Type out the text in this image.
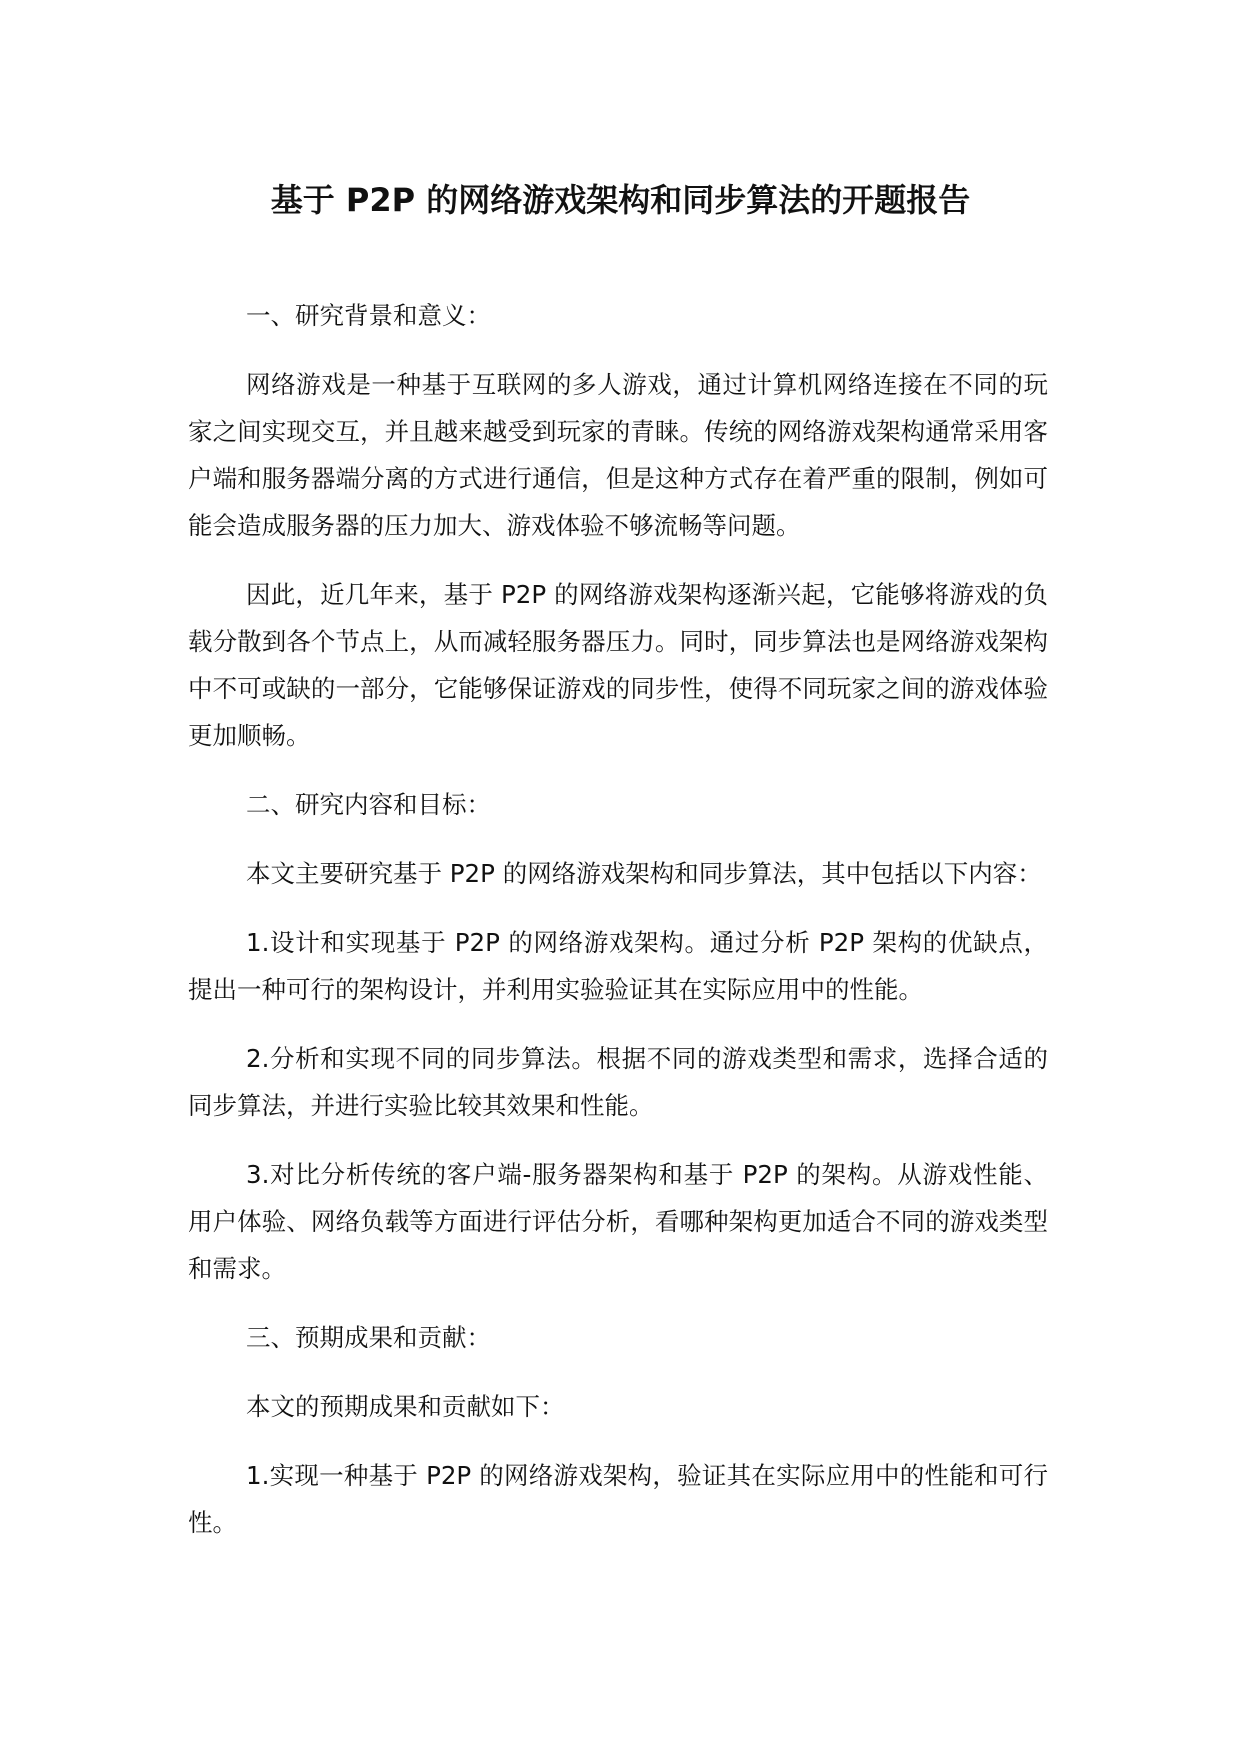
基于 P2P 的网络游戏架构和同步算法的开题报告

一、研究背景和意义：

网络游戏是一种基于互联网的多人游戏，通过计算机网络连接在不同的玩家之间实现交互，并且越来越受到玩家的青睐。传统的网络游戏架构通常采用客户端和服务器端分离的方式进行通信，但是这种方式存在着严重的限制，例如可能会造成服务器的压力加大、游戏体验不够流畅等问题。

因此，近几年来，基于 P2P 的网络游戏架构逐渐兴起，它能够将游戏的负载分散到各个节点上，从而减轻服务器压力。同时，同步算法也是网络游戏架构中不可或缺的一部分，它能够保证游戏的同步性，使得不同玩家之间的游戏体验更加顺畅。

二、研究内容和目标：

本文主要研究基于 P2P 的网络游戏架构和同步算法，其中包括以下内容：

1.设计和实现基于 P2P 的网络游戏架构。通过分析 P2P 架构的优缺点，提出一种可行的架构设计，并利用实验验证其在实际应用中的性能。

2.分析和实现不同的同步算法。根据不同的游戏类型和需求，选择合适的同步算法，并进行实验比较其效果和性能。

3.对比分析传统的客户端-服务器架构和基于 P2P 的架构。从游戏性能、用户体验、网络负载等方面进行评估分析，看哪种架构更加适合不同的游戏类型和需求。

三、预期成果和贡献：

本文的预期成果和贡献如下：

1.实现一种基于 P2P 的网络游戏架构，验证其在实际应用中的性能和可行性。
